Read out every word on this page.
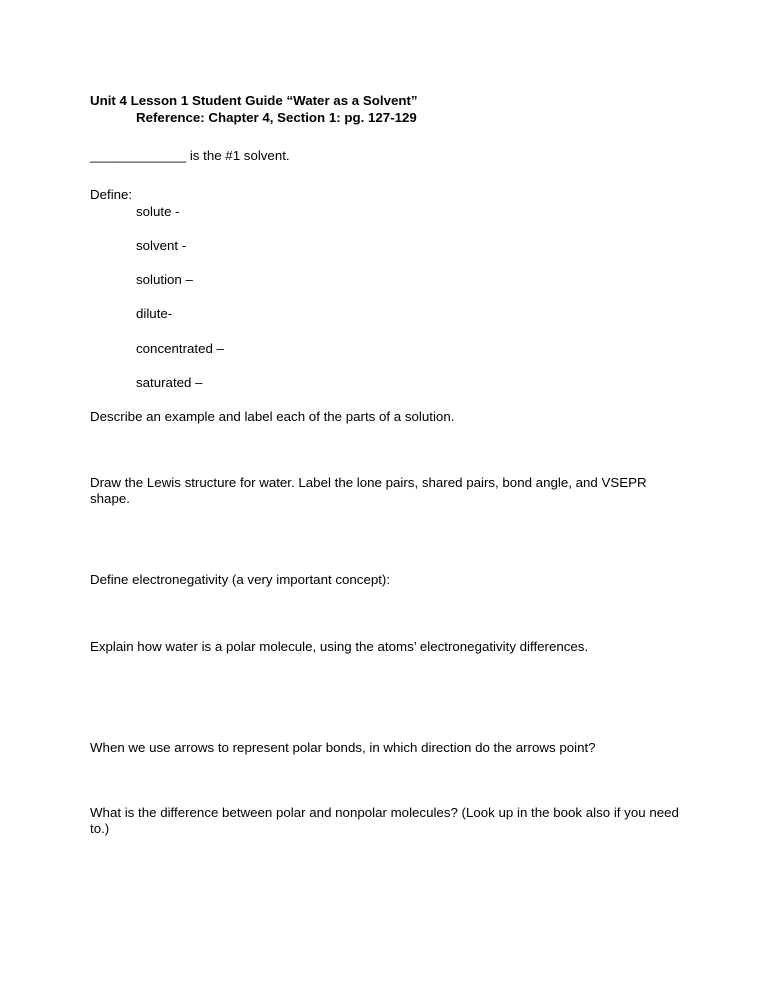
Unit 4 Lesson 1 Student Guide “Water as a Solvent”
Reference: Chapter 4, Section 1: pg. 127-129
_____________ is the #1 solvent.
Define:
solute -
solvent -
solution –
dilute-
concentrated –
saturated –
Describe an example and label each of the parts of a solution.
Draw the Lewis structure for water. Label the lone pairs, shared pairs, bond angle, and VSEPR shape.
Define electronegativity (a very important concept):
Explain how water is a polar molecule, using the atoms’ electronegativity differences.
When we use arrows to represent polar bonds, in which direction do the arrows point?
What is the difference between polar and nonpolar molecules? (Look up in the book also if you need to.)
